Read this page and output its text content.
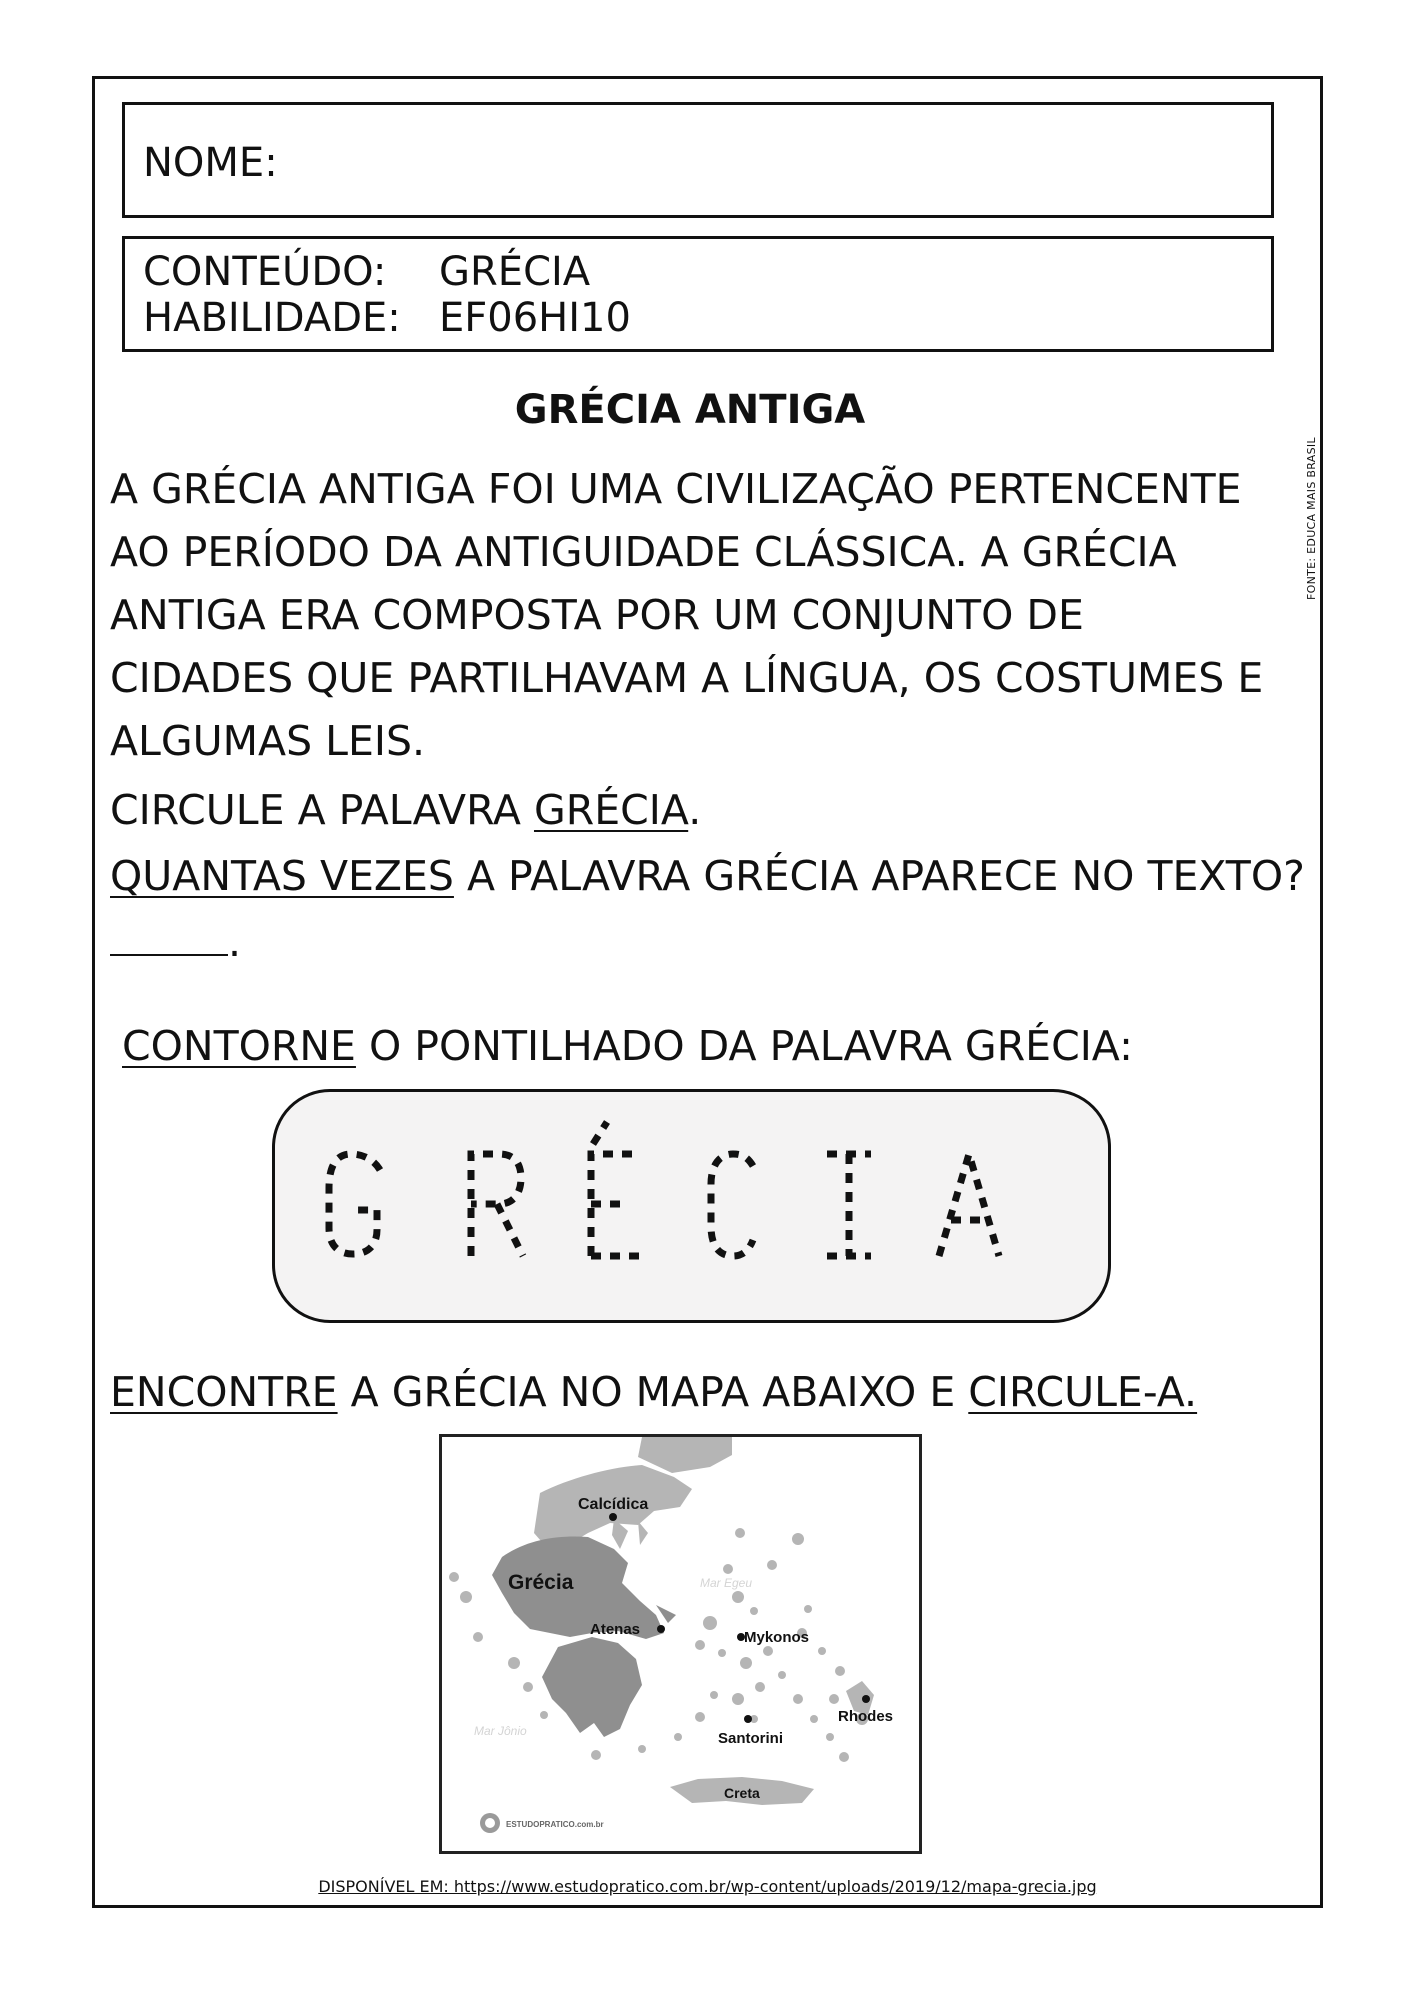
NOME:
CONTEÚDO: GRÉCIA
HABILIDADE: EF06HI10
GRÉCIA ANTIGA
A GRÉCIA ANTIGA FOI UMA CIVILIZAÇÃO PERTENCENTE
AO PERÍODO DA ANTIGUIDADE CLÁSSICA. A GRÉCIA
ANTIGA ERA COMPOSTA POR UM CONJUNTO DE
CIDADES QUE PARTILHAVAM A LÍNGUA, OS COSTUMES E
ALGUMAS LEIS.
FONTE: EDUCA MAIS BRASIL
CIRCULE A PALAVRA GRÉCIA.
QUANTAS VEZES A PALAVRA GRÉCIA APARECE NO TEXTO?
.
CONTORNE O PONTILHADO DA PALAVRA GRÉCIA:
ENCONTRE A GRÉCIA NO MAPA ABAIXO E CIRCULE-A.
Calcídica
Grécia
Atenas	Mykonos
Rhodes
Santorini
Creta
Mar Egeu
Mar Jônio
ESTUDOPRATICO.com.br
DISPONÍVEL EM: https://www.estudopratico.com.br/wp-content/uploads/2019/12/mapa-grecia.jpg
